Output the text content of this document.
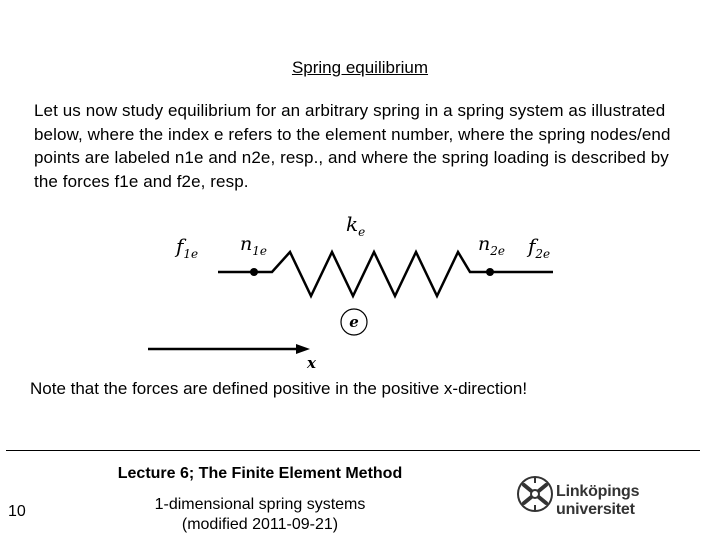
Spring equilibrium
Let us now study equilibrium for an arbitrary spring in a spring system as illustrated below, where the index e refers to the element number, where the spring nodes/end points are labeled n1e and n2e, resp., and where the spring loading is described by the forces f1e and f2e, resp.
$k_e$
$f_{1e}$ $n_{1e}$	$n_{2e}$ $f_{2e}$
e
x
Note that the forces are defined positive in the positive x-direction!
Lecture 6; The Finite Element Method
1-dimensional spring systems
(modified 2011-09-21)
10
Linköpings universitet
